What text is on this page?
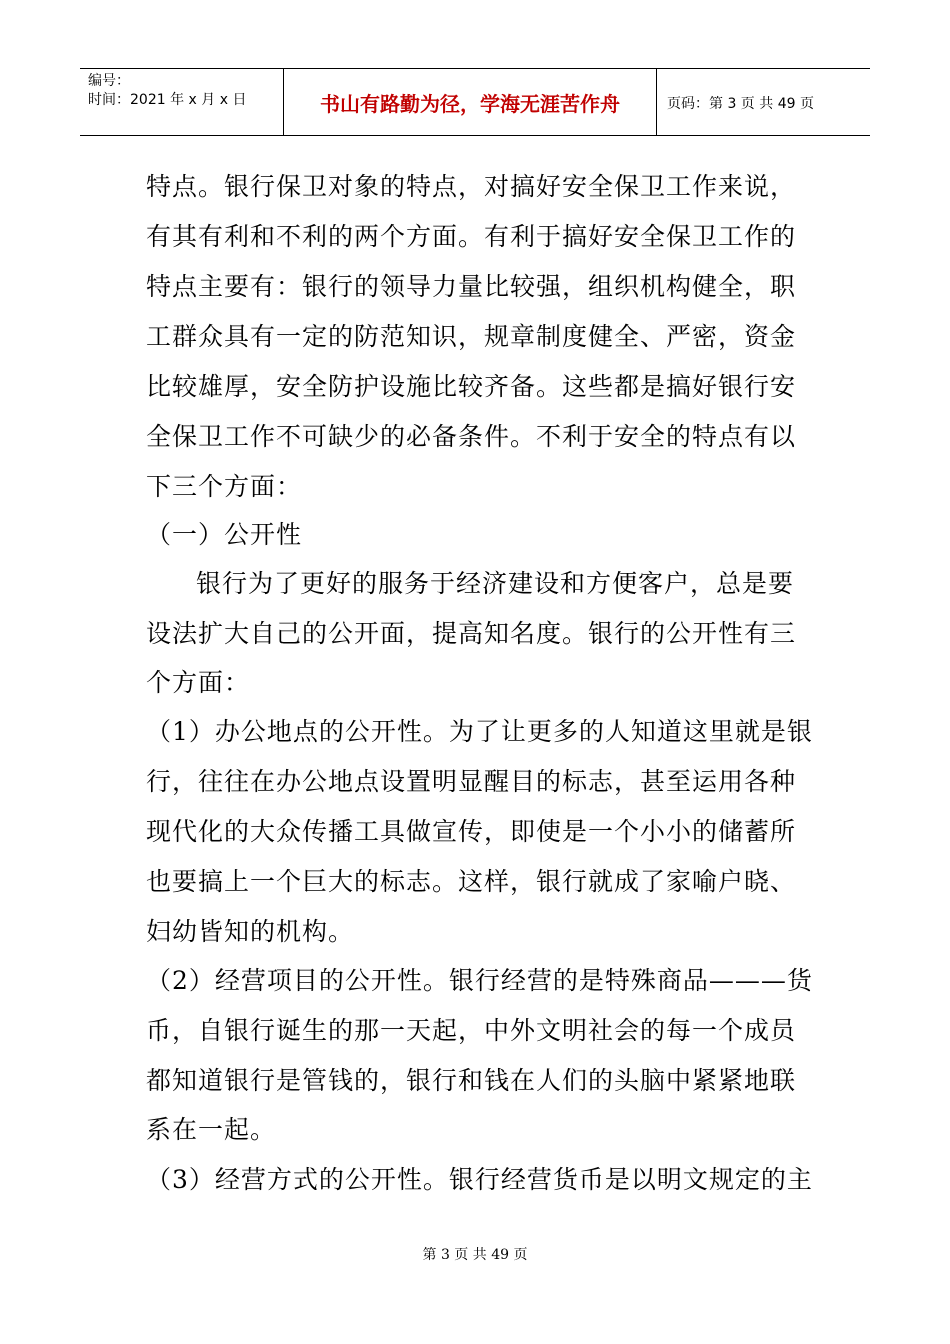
编号：
时间：2021 年 x 月 x 日	书山有路勤为径，学海无涯苦作舟	页码：第 3 页 共 49 页
特点。银行保卫对象的特点，对搞好安全保卫工作来说，
有其有利和不利的两个方面。有利于搞好安全保卫工作的
特点主要有：银行的领导力量比较强，组织机构健全，职
工群众具有一定的防范知识，规章制度健全、严密，资金
比较雄厚，安全防护设施比较齐备。这些都是搞好银行安
全保卫工作不可缺少的必备条件。不利于安全的特点有以
下三个方面：
（一）公开性
银行为了更好的服务于经济建设和方便客户，总是要
设法扩大自己的公开面，提高知名度。银行的公开性有三
个方面：
（1）办公地点的公开性。为了让更多的人知道这里就是银
行，往往在办公地点设置明显醒目的标志，甚至运用各种
现代化的大众传播工具做宣传，即使是一个小小的储蓄所
也要搞上一个巨大的标志。这样，银行就成了家喻户晓、
妇幼皆知的机构。
（2）经营项目的公开性。银行经营的是特殊商品———货
币，自银行诞生的那一天起，中外文明社会的每一个成员
都知道银行是管钱的，银行和钱在人们的头脑中紧紧地联
系在一起。
（3）经营方式的公开性。银行经营货币是以明文规定的主
第 3 页 共 49 页
